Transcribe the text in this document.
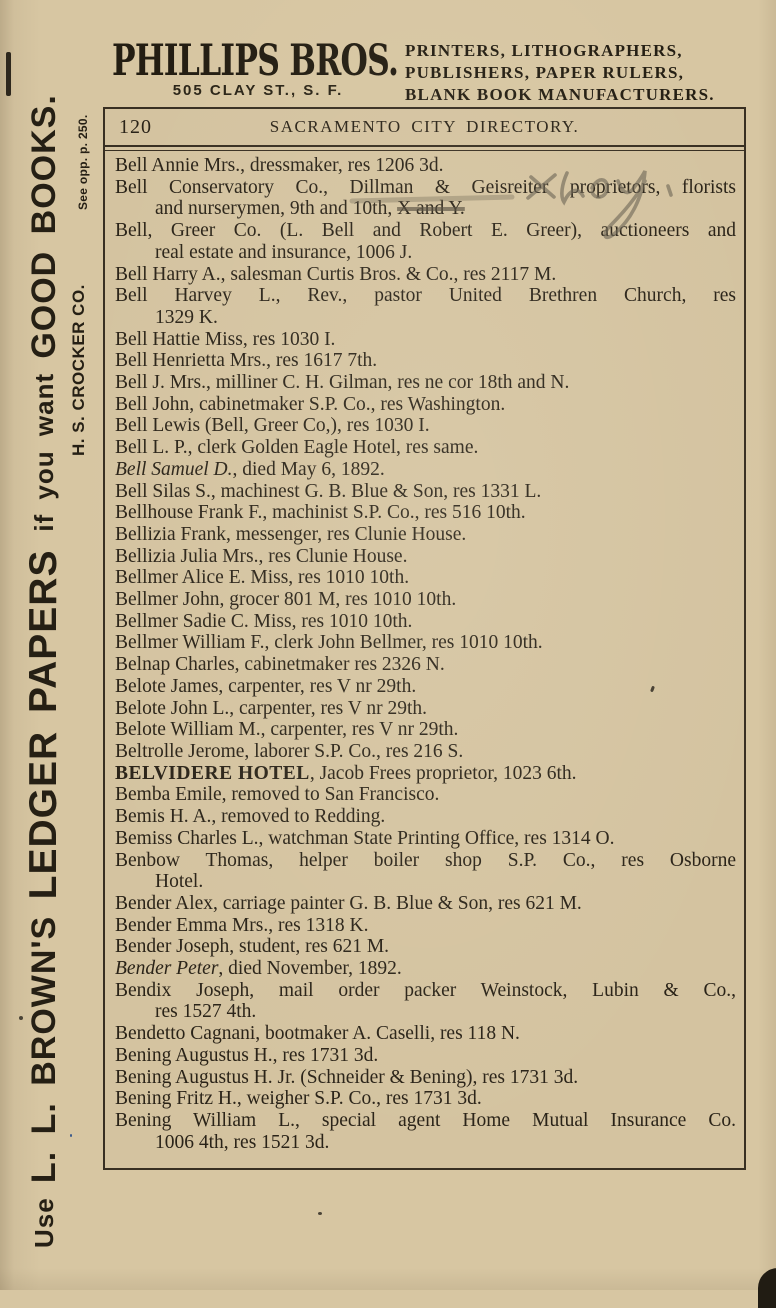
Use L. L. BROWN'S LEDGER PAPERS if you want GOOD BOOKS.
H. S. CROCKER CO.
See opp. p. 250.
PHILLIPS BROS.
505 CLAY ST., S. F.
PRINTERS, LITHOGRAPHERS,
PUBLISHERS, PAPER RULERS,
BLANK BOOK MANUFACTURERS.
120	SACRAMENTO CITY DIRECTORY.
Bell Annie Mrs., dressmaker, res 1206 3d.
Bell Conservatory Co., Dillman & Geisreiter proprietors, florists
and nurserymen, 9th and 10th, X and Y.
Bell, Greer Co. (L. Bell and Robert E. Greer), auctioneers and
real estate and insurance, 1006 J.
Bell Harry A., salesman Curtis Bros. & Co., res 2117 M.
Bell Harvey L., Rev., pastor United Brethren Church, res
1329 K.
Bell Hattie Miss, res 1030 I.
Bell Henrietta Mrs., res 1617 7th.
Bell J. Mrs., milliner C. H. Gilman, res ne cor 18th and N.
Bell John, cabinetmaker S.P. Co., res Washington.
Bell Lewis (Bell, Greer Co,), res 1030 I.
Bell L. P., clerk Golden Eagle Hotel, res same.
Bell Samuel D., died May 6, 1892.
Bell Silas S., machinest G. B. Blue & Son, res 1331 L.
Bellhouse Frank F., machinist S.P. Co., res 516 10th.
Bellizia Frank, messenger, res Clunie House.
Bellizia Julia Mrs., res Clunie House.
Bellmer Alice E. Miss, res 1010 10th.
Bellmer John, grocer 801 M, res 1010 10th.
Bellmer Sadie C. Miss, res 1010 10th.
Bellmer William F., clerk John Bellmer, res 1010 10th.
Belnap Charles, cabinetmaker res 2326 N.
Belote James, carpenter, res V nr 29th.
Belote John L., carpenter, res V nr 29th.
Belote William M., carpenter, res V nr 29th.
Beltrolle Jerome, laborer S.P. Co., res 216 S.
BELVIDERE HOTEL, Jacob Frees proprietor, 1023 6th.
Bemba Emile, removed to San Francisco.
Bemis H. A., removed to Redding.
Bemiss Charles L., watchman State Printing Office, res 1314 O.
Benbow Thomas, helper boiler shop S.P. Co., res Osborne
Hotel.
Bender Alex, carriage painter G. B. Blue & Son, res 621 M.
Bender Emma Mrs., res 1318 K.
Bender Joseph, student, res 621 M.
Bender Peter, died November, 1892.
Bendix Joseph, mail order packer Weinstock, Lubin & Co.,
res 1527 4th.
Bendetto Cagnani, bootmaker A. Caselli, res 118 N.
Bening Augustus H., res 1731 3d.
Bening Augustus H. Jr. (Schneider & Bening), res 1731 3d.
Bening Fritz H., weigher S.P. Co., res 1731 3d.
Bening William L., special agent Home Mutual Insurance Co.
1006 4th, res 1521 3d.
